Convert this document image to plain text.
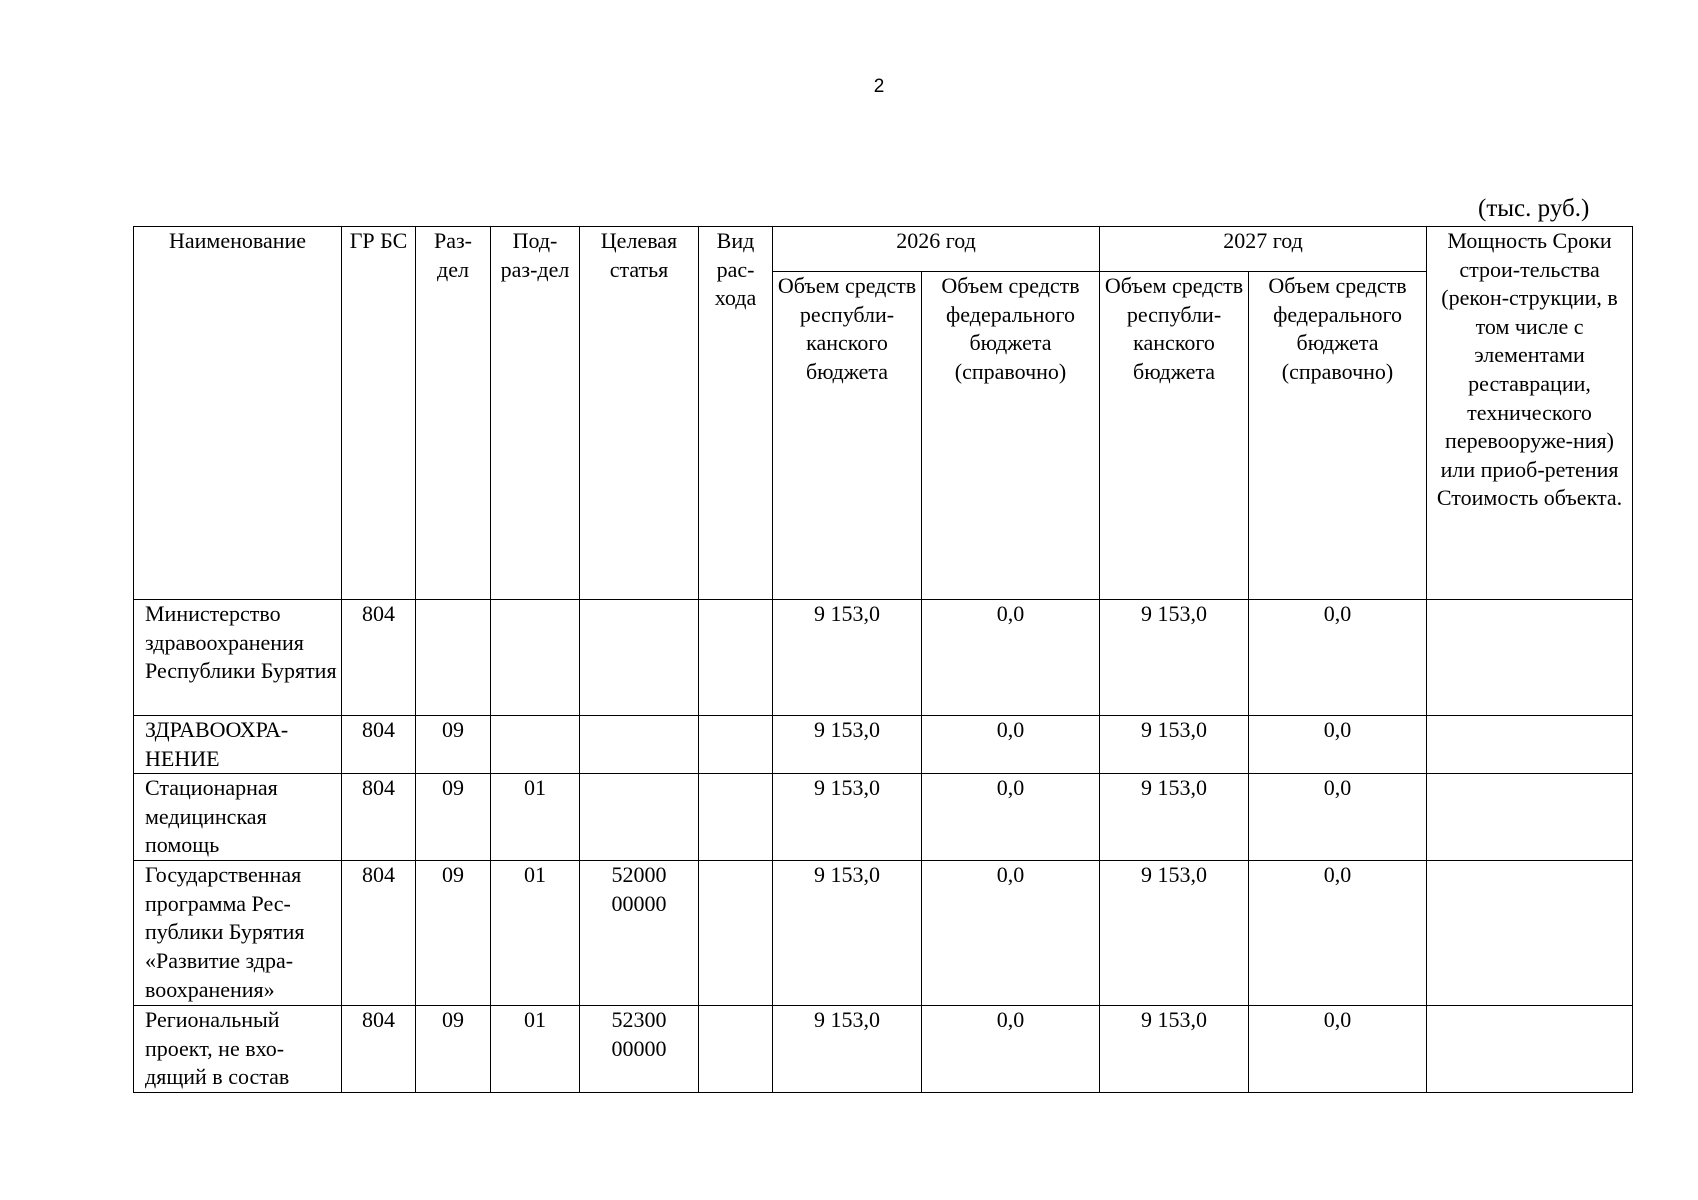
2
(тыс. руб.)
Наименование	ГР БС	Раз-дел	Под-раз-дел	Целевая статья	Вид рас-хода	2026 год		2027 год		Мощность Сроки строи-тельства (рекон-струкции, в том числе с элементами реставрации, технического перевооруже-ния) или приоб-ретения Стоимость объекта.
						Объем средств республи-канского бюджета	Объем средств федерального бюджета (справочно)	Объем средств республи-канского бюджета	Объем средств федерального бюджета (справочно)	
Министерство здравоохранения Республики Бурятия	804					9 153,0	0,0	9 153,0	0,0	
ЗДРАВООХРА-НЕНИЕ	804	09				9 153,0	0,0	9 153,0	0,0	
Стационарная медицинская помощь	804	09	01			9 153,0	0,0	9 153,0	0,0	
Государственная программа Рес-публики Бурятия «Развитие здра-воохранения»	804	09	01	52000 00000		9 153,0	0,0	9 153,0	0,0	
Региональный проект, не вхо-дящий в состав	804	09	01	52300 00000		9 153,0	0,0	9 153,0	0,0	
